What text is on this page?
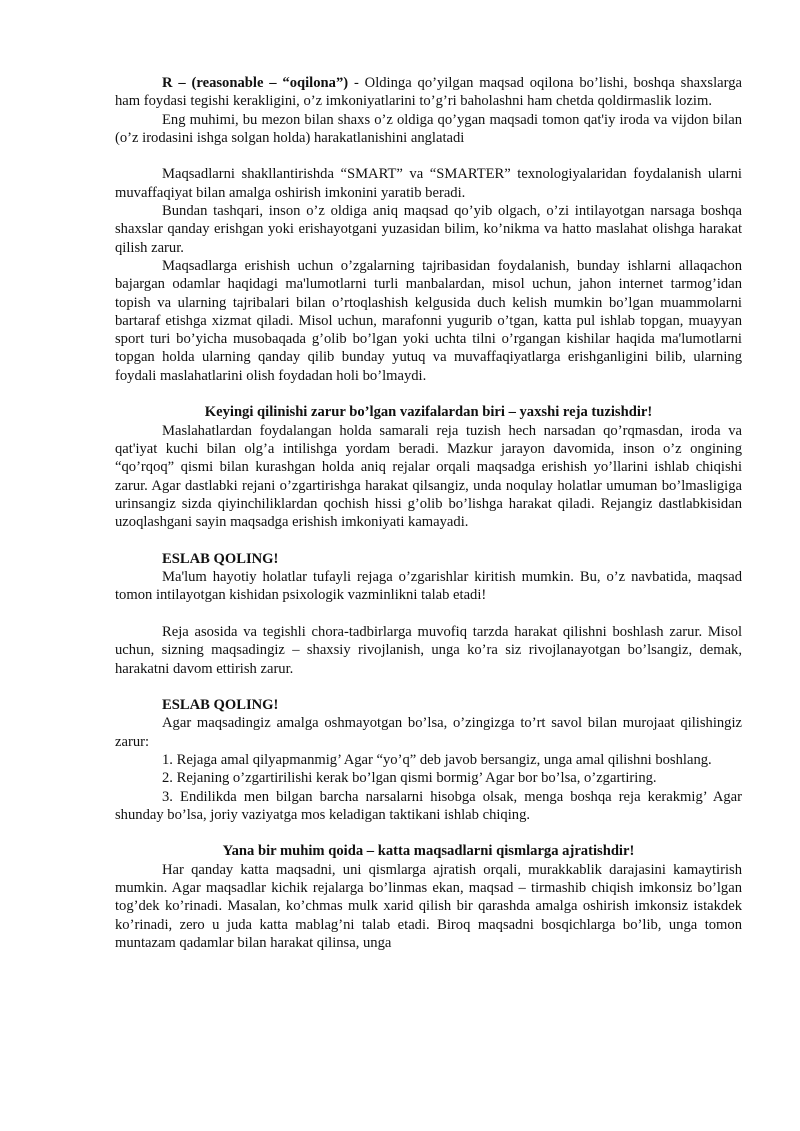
R – (reasonable – “oqilona”) - Oldinga qo’yilgan maqsad oqilona bo’lishi, boshqa shaxslarga ham foydasi tegishi kerakligini, o’z imkoniyatlarini to’g’ri baholashni ham chetda qoldirmaslik lozim.

Eng muhimi, bu mezon bilan shaxs o’z oldiga qo’ygan maqsadi tomon qat'iy iroda va vijdon bilan (o’z irodasini ishga solgan holda) harakatlanishini anglatadi

Maqsadlarni shakllantirishda “SMART” va “SMARTER” texnologiyalaridan foydalanish ularni muvaffaqiyat bilan amalga oshirish imkonini yaratib beradi.

Bundan tashqari, inson o’z oldiga aniq maqsad qo’yib olgach, o’zi intilayotgan narsaga boshqa shaxslar qanday erishgan yoki erishayotgani yuzasidan bilim, ko’nikma va hatto maslahat olishga harakat qilish zarur.

Maqsadlarga erishish uchun o’zgalarning tajribasidan foydalanish, bunday ishlarni allaqachon bajargan odamlar haqidagi ma'lumotlarni turli manbalardan, misol uchun, jahon internet tarmog’idan topish va ularning tajribalari bilan o’rtoqlashish kelgusida duch kelish mumkin bo’lgan muammolarni bartaraf etishga xizmat qiladi. Misol uchun, marafonni yugurib o’tgan, katta pul ishlab topgan, muayyan sport turi bo’yicha musobaqada g’olib bo’lgan yoki uchta tilni o’rgangan kishilar haqida ma'lumotlarni topgan holda ularning qanday qilib bunday yutuq va muvaffaqiyatlarga erishganligini bilib, ularning foydali maslahatlarini olish foydadan holi bo’lmaydi.

Keyingi qilinishi zarur bo’lgan vazifalardan biri – yaxshi reja tuzishdir!

Maslahatlardan foydalangan holda samarali reja tuzish hech narsadan qo’rqmasdan, iroda va qat'iyat kuchi bilan olg’a intilishga yordam beradi. Mazkur jarayon davomida, inson o’z ongining “qo’rqoq” qismi bilan kurashgan holda aniq rejalar orqali maqsadga erishish yo’llarini ishlab chiqishi zarur. Agar dastlabki rejani o’zgartirishga harakat qilsangiz, unda noqulay holatlar umuman bo’lmasligiga urinsangiz sizda qiyinchiliklardan qochish hissi g’olib bo’lishga harakat qiladi. Rejangiz dastlabkisidan uzoqlashgani sayin maqsadga erishish imkoniyati kamayadi.

ESLAB QOLING!

Ma'lum hayotiy holatlar tufayli rejaga o’zgarishlar kiritish mumkin. Bu, o’z navbatida, maqsad tomon intilayotgan kishidan psixologik vazminlikni talab etadi!

Reja asosida va tegishli chora-tadbirlarga muvofiq tarzda harakat qilishni boshlash zarur. Misol uchun, sizning maqsadingiz – shaxsiy rivojlanish, unga ko’ra siz rivojlanayotgan bo’lsangiz, demak, harakatni davom ettirish zarur.

ESLAB QOLING!

Agar maqsadingiz amalga oshmayotgan bo’lsa, o’zingizga to’rt savol bilan murojaat qilishingiz zarur:

1. Rejaga amal qilyapmanmig’ Agar “yo’q” deb javob bersangiz, unga amal qilishni boshlang.

2. Rejaning o’zgartirilishi kerak bo’lgan qismi bormig’ Agar bor bo’lsa, o’zgartiring.

3. Endilikda men bilgan barcha narsalarni hisobga olsak, menga boshqa reja kerakmig’ Agar shunday bo’lsa, joriy vaziyatga mos keladigan taktikani ishlab chiqing.

Yana bir muhim qoida – katta maqsadlarni qismlarga ajratishdir!

Har qanday katta maqsadni, uni qismlarga ajratish orqali, murakkablik darajasini kamaytirish mumkin. Agar maqsadlar kichik rejalarga bo’linmas ekan, maqsad – tirmashib chiqish imkonsiz bo’lgan tog’dek ko’rinadi. Masalan, ko’chmas mulk xarid qilish bir qarashda amalga oshirish imkonsiz istakdek ko’rinadi, zero u juda katta mablag’ni talab etadi. Biroq maqsadni bosqichlarga bo’lib, unga tomon muntazam qadamlar bilan harakat qilinsa, unga
